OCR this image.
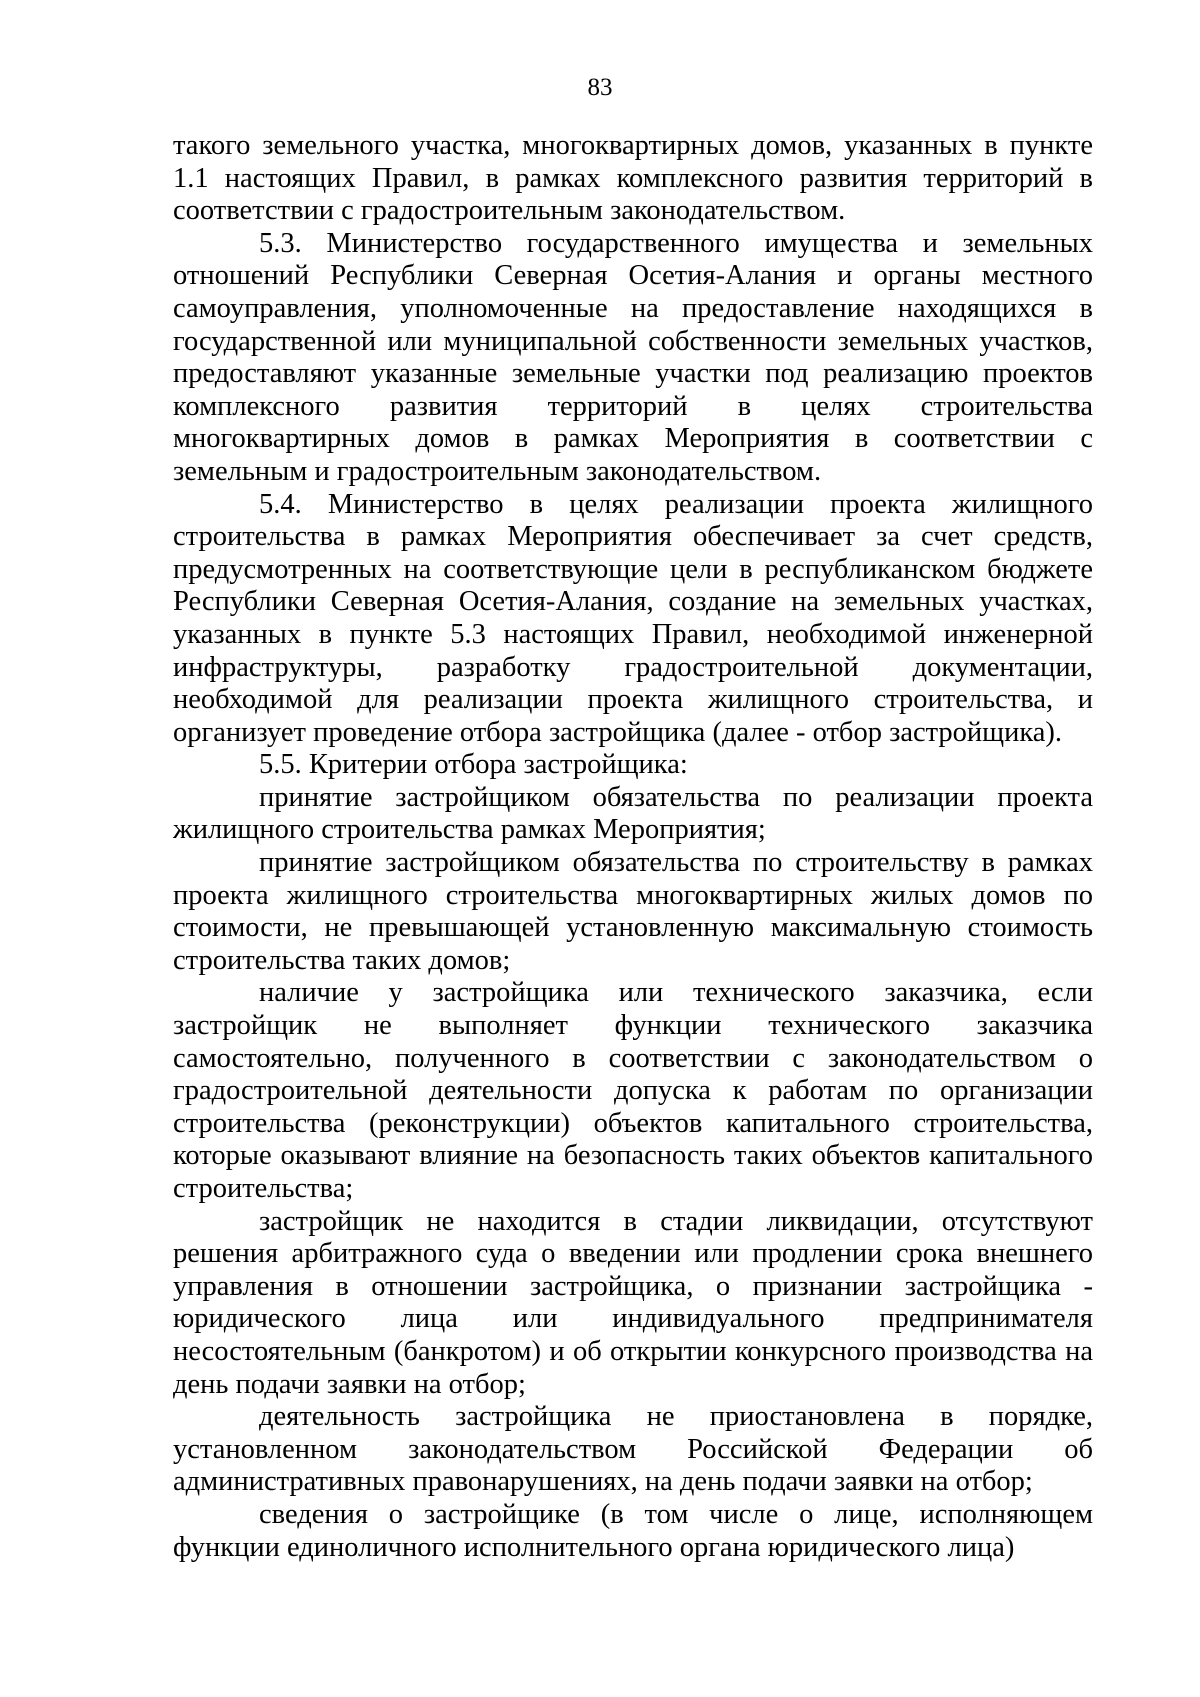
83

такого земельного участка, многоквартирных домов, указанных в пункте 1.1 настоящих Правил, в рамках комплексного развития территорий в соответствии с градостроительным законодательством.

5.3. Министерство государственного имущества и земельных отношений Республики Северная Осетия-Алания и органы местного самоуправления, уполномоченные на предоставление находящихся в государственной или муниципальной собственности земельных участков, предоставляют указанные земельные участки под реализацию проектов комплексного развития территорий в целях строительства многоквартирных домов в рамках Мероприятия в соответствии с земельным и градостроительным законодательством.

5.4. Министерство в целях реализации проекта жилищного строительства в рамках Мероприятия обеспечивает за счет средств, предусмотренных на соответствующие цели в республиканском бюджете Республики Северная Осетия-Алания, создание на земельных участках, указанных в пункте 5.3 настоящих Правил, необходимой инженерной инфраструктуры, разработку градостроительной документации, необходимой для реализации проекта жилищного строительства, и организует проведение отбора застройщика (далее - отбор застройщика).

5.5. Критерии отбора застройщика:

принятие застройщиком обязательства по реализации проекта жилищного строительства рамках Мероприятия;

принятие застройщиком обязательства по строительству в рамках проекта жилищного строительства многоквартирных жилых домов по стоимости, не превышающей установленную максимальную стоимость строительства таких домов;

наличие у застройщика или технического заказчика, если застройщик не выполняет функции технического заказчика самостоятельно, полученного в соответствии с законодательством о градостроительной деятельности допуска к работам по организации строительства (реконструкции) объектов капитального строительства, которые оказывают влияние на безопасность таких объектов капитального строительства;

застройщик не находится в стадии ликвидации, отсутствуют решения арбитражного суда о введении или продлении срока внешнего управления в отношении застройщика, о признании застройщика - юридического лица или индивидуального предпринимателя несостоятельным (банкротом) и об открытии конкурсного производства на день подачи заявки на отбор;

деятельность застройщика не приостановлена в порядке, установленном законодательством Российской Федерации об административных правонарушениях, на день подачи заявки на отбор;

сведения о застройщике (в том числе о лице, исполняющем функции единоличного исполнительного органа юридического лица)
